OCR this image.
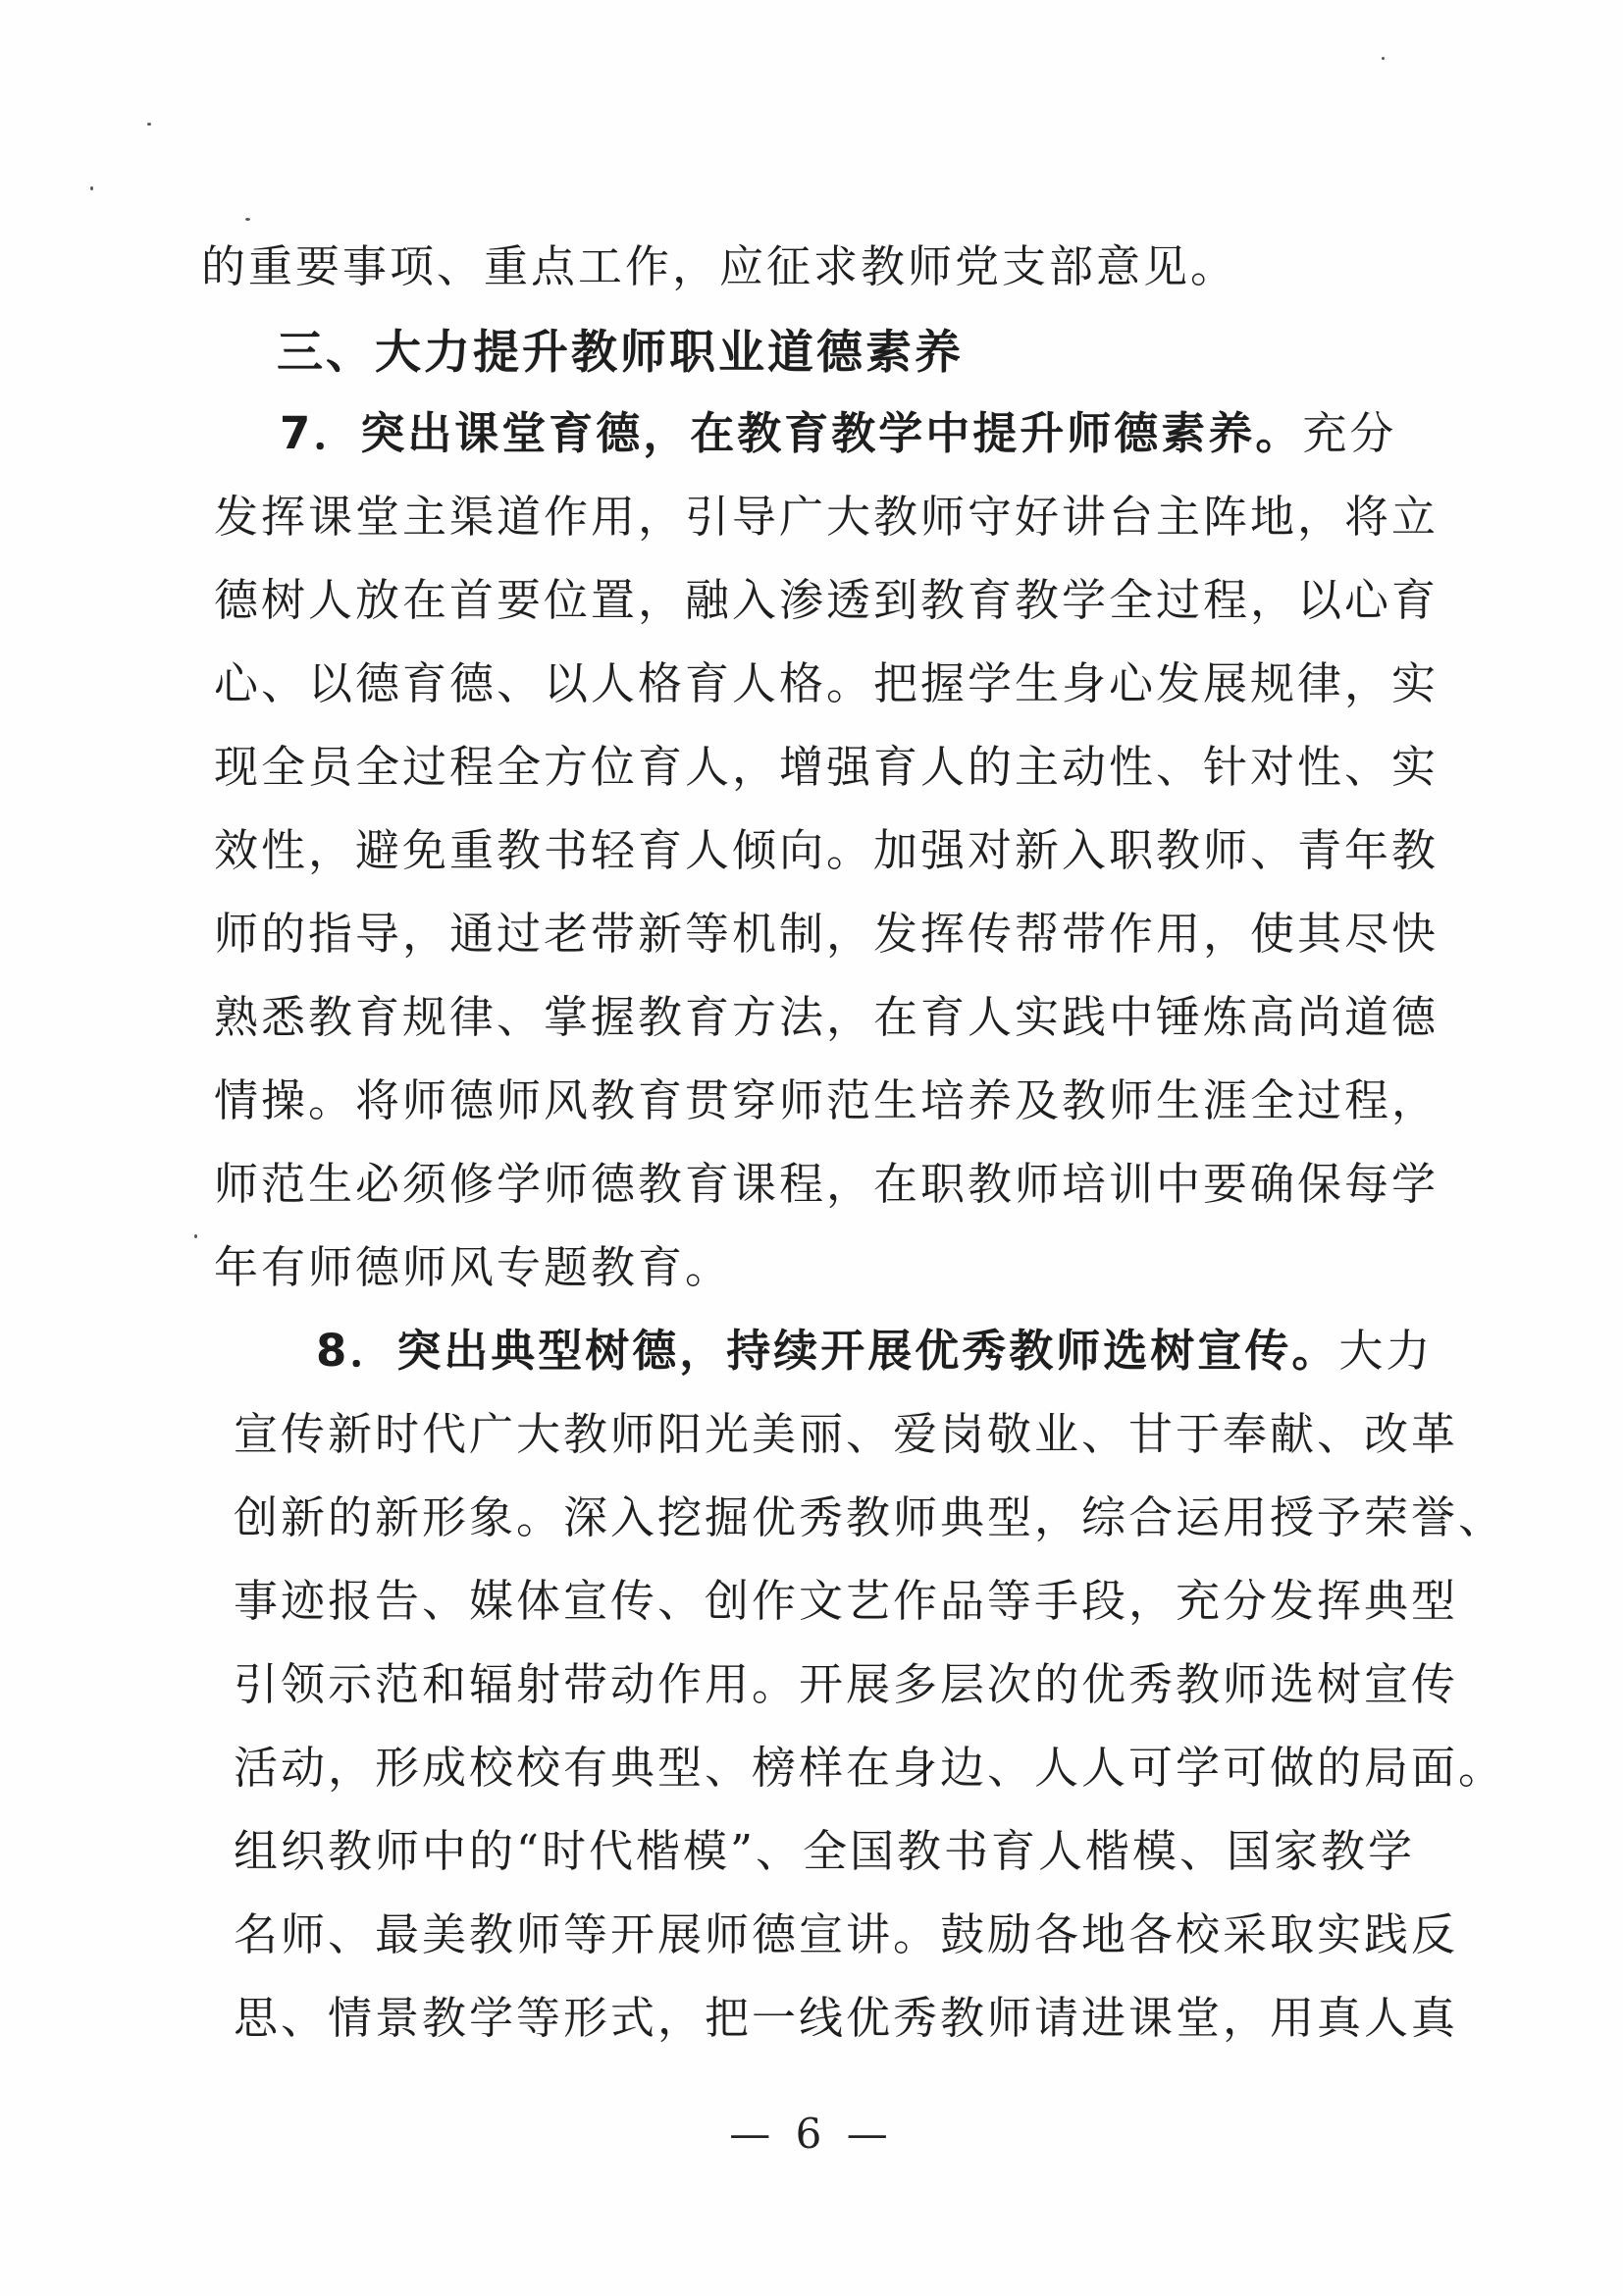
的重要事项、重点工作，应征求教师党支部意见。
三、大力提升教师职业道德素养
7．突出课堂育德，在教育教学中提升师德素养。充分
发挥课堂主渠道作用，引导广大教师守好讲台主阵地，将立
德树人放在首要位置，融入渗透到教育教学全过程，以心育
心、以德育德、以人格育人格。把握学生身心发展规律，实
现全员全过程全方位育人，增强育人的主动性、针对性、实
效性，避免重教书轻育人倾向。加强对新入职教师、青年教
师的指导，通过老带新等机制，发挥传帮带作用，使其尽快
熟悉教育规律、掌握教育方法，在育人实践中锤炼高尚道德
情操。将师德师风教育贯穿师范生培养及教师生涯全过程，
师范生必须修学师德教育课程，在职教师培训中要确保每学
年有师德师风专题教育。
8．突出典型树德，持续开展优秀教师选树宣传。大力
宣传新时代广大教师阳光美丽、爱岗敬业、甘于奉献、改革
创新的新形象。深入挖掘优秀教师典型，综合运用授予荣誉、
事迹报告、媒体宣传、创作文艺作品等手段，充分发挥典型
引领示范和辐射带动作用。开展多层次的优秀教师选树宣传
活动，形成校校有典型、榜样在身边、人人可学可做的局面。
组织教师中的“时代楷模”、全国教书育人楷模、国家教学
名师、最美教师等开展师德宣讲。鼓励各地各校采取实践反
思、情景教学等形式，把一线优秀教师请进课堂，用真人真
— 6 —
